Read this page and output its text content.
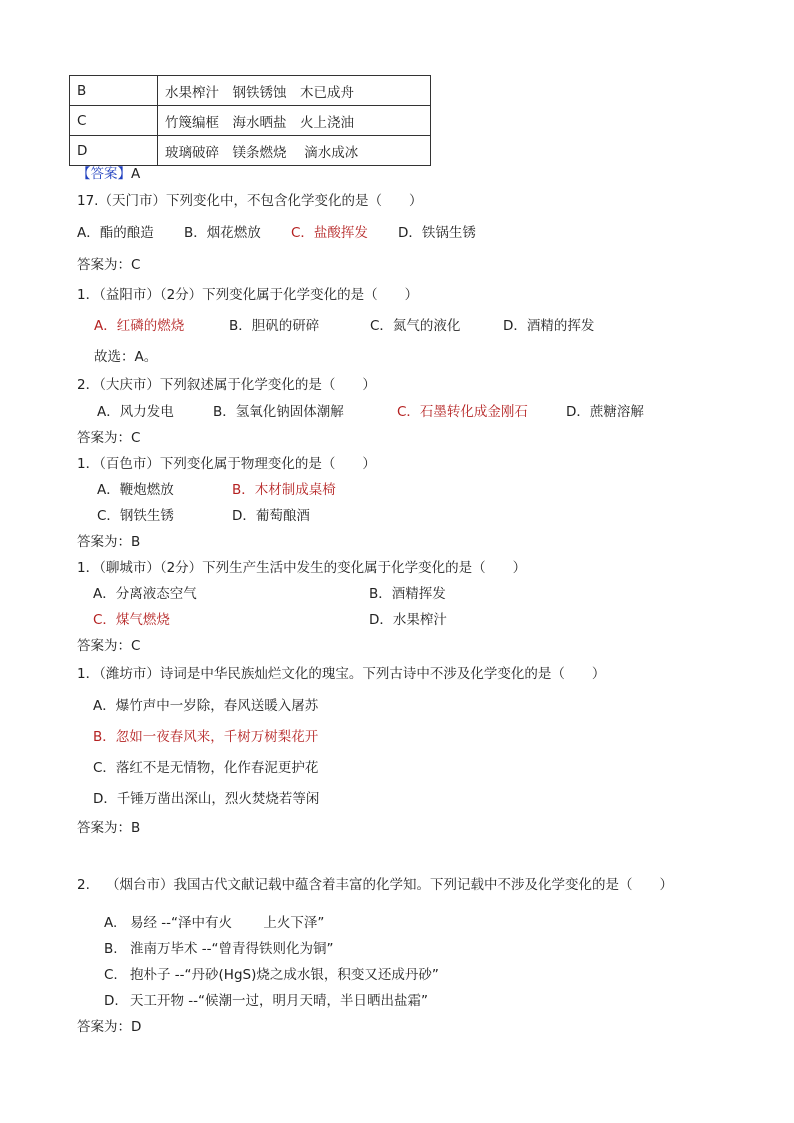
B	水果榨汁　钢铁锈蚀　木已成舟
C	竹篾编框　海水晒盐　火上浇油
D	玻璃破碎　镁条燃烧　 滴水成冰
【答案】A
17.（天门市）下列变化中，不包含化学变化的是（　　）
A．酯的酿造 B．烟花燃放 C．盐酸挥发 D．铁锅生锈
答案为：C
1．（益阳市）（2分）下列变化属于化学变化的是（　　）
A．红磷的燃烧	B．胆矾的研碎	C．氮气的液化	D．酒精的挥发
故选：A。
2．（大庆市）下列叙述属于化学变化的是（　　）
A．风力发电	B．氢氧化钠固体潮解	C．石墨转化成金刚石	D．蔗糖溶解
答案为：C
1．（百色市）下列变化属于物理变化的是（　　）
A．鞭炮燃放	B．木材制成桌椅
C．钢铁生锈	D．葡萄酿酒
答案为：B
1．（聊城市）（2分）下列生产生活中发生的变化属于化学变化的是（　　）
A．分离液态空气	B．酒精挥发
C．煤气燃烧	D．水果榨汁
答案为：C
1．（潍坊市）诗词是中华民族灿烂文化的瑰宝。下列古诗中不涉及化学变化的是（　　）
A．爆竹声中一岁除，春风送暖入屠苏
B．忽如一夜春风来，千树万树梨花开
C．落红不是无情物，化作春泥更护花
D．千锤万凿出深山，烈火焚烧若等闲
答案为：B
2. （烟台市）我国古代文献记载中蕴含着丰富的化学知。下列记载中不涉及化学变化的是（　　）
A. 易经 --“泽中有火　　 上火下泽”
B. 淮南万毕术 --“曾青得铁则化为铜”
C. 抱朴子 --“丹砂(HgS)烧之成水银，积变又还成丹砂”
D. 天工开物 --“候潮一过，明月天晴，半日晒出盐霜”
答案为：D
